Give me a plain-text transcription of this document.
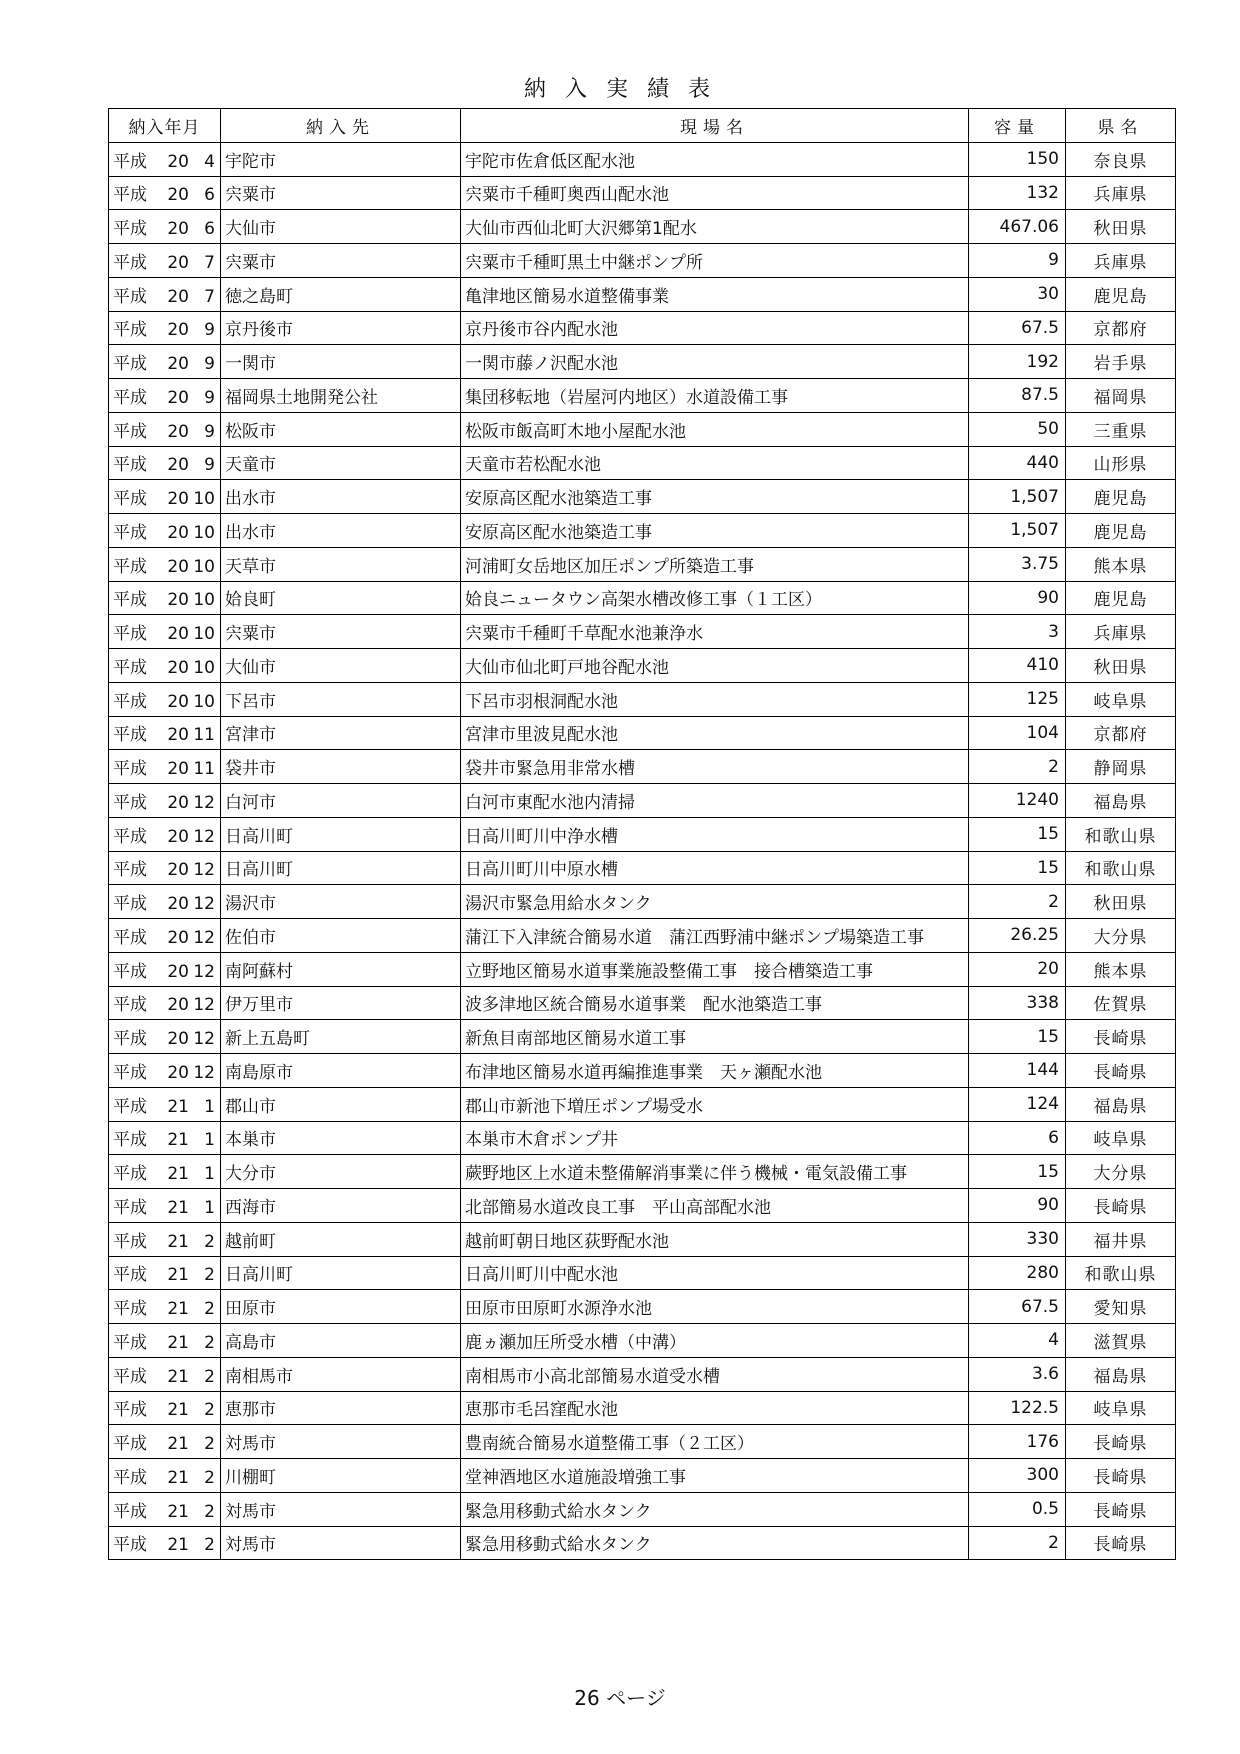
納 入 実 績 表
納入年月	納入先	現場名	容量	県名
平成 20 4	宇陀市	宇陀市佐倉低区配水池	150	奈良県
平成 20 6	宍粟市	宍粟市千種町奥西山配水池	132	兵庫県
平成 20 6	大仙市	大仙市西仙北町大沢郷第1配水	467.06	秋田県
平成 20 7	宍粟市	宍粟市千種町黒土中継ポンプ所	9	兵庫県
平成 20 7	徳之島町	亀津地区簡易水道整備事業	30	鹿児島
平成 20 9	京丹後市	京丹後市谷内配水池	67.5	京都府
平成 20 9	一関市	一関市藤ノ沢配水池	192	岩手県
平成 20 9	福岡県土地開発公社	集団移転地（岩屋河内地区）水道設備工事	87.5	福岡県
平成 20 9	松阪市	松阪市飯高町木地小屋配水池	50	三重県
平成 20 9	天童市	天童市若松配水池	440	山形県
平成 20 10	出水市	安原高区配水池築造工事	1,507	鹿児島
平成 20 10	出水市	安原高区配水池築造工事	1,507	鹿児島
平成 20 10	天草市	河浦町女岳地区加圧ポンプ所築造工事	3.75	熊本県
平成 20 10	姶良町	姶良ニュータウン高架水槽改修工事（１工区）	90	鹿児島
平成 20 10	宍粟市	宍粟市千種町千草配水池兼浄水	3	兵庫県
平成 20 10	大仙市	大仙市仙北町戸地谷配水池	410	秋田県
平成 20 10	下呂市	下呂市羽根洞配水池	125	岐阜県
平成 20 11	宮津市	宮津市里波見配水池	104	京都府
平成 20 11	袋井市	袋井市緊急用非常水槽	2	静岡県
平成 20 12	白河市	白河市東配水池内清掃	1240	福島県
平成 20 12	日高川町	日高川町川中浄水槽	15	和歌山県
平成 20 12	日高川町	日高川町川中原水槽	15	和歌山県
平成 20 12	湯沢市	湯沢市緊急用給水タンク	2	秋田県
平成 20 12	佐伯市	蒲江下入津統合簡易水道　蒲江西野浦中継ポンプ場築造工事	26.25	大分県
平成 20 12	南阿蘇村	立野地区簡易水道事業施設整備工事　接合槽築造工事	20	熊本県
平成 20 12	伊万里市	波多津地区統合簡易水道事業　配水池築造工事	338	佐賀県
平成 20 12	新上五島町	新魚目南部地区簡易水道工事	15	長崎県
平成 20 12	南島原市	布津地区簡易水道再編推進事業　天ヶ瀬配水池	144	長崎県
平成 21 1	郡山市	郡山市新池下増圧ポンプ場受水	124	福島県
平成 21 1	本巣市	本巣市木倉ポンプ井	6	岐阜県
平成 21 1	大分市	蕨野地区上水道未整備解消事業に伴う機械・電気設備工事	15	大分県
平成 21 1	西海市	北部簡易水道改良工事　平山高部配水池	90	長崎県
平成 21 2	越前町	越前町朝日地区荻野配水池	330	福井県
平成 21 2	日高川町	日高川町川中配水池	280	和歌山県
平成 21 2	田原市	田原市田原町水源浄水池	67.5	愛知県
平成 21 2	高島市	鹿ヵ瀬加圧所受水槽（中溝）	4	滋賀県
平成 21 2	南相馬市	南相馬市小高北部簡易水道受水槽	3.6	福島県
平成 21 2	恵那市	恵那市毛呂窪配水池	122.5	岐阜県
平成 21 2	対馬市	豊南統合簡易水道整備工事（２工区）	176	長崎県
平成 21 2	川棚町	堂神酒地区水道施設増強工事	300	長崎県
平成 21 2	対馬市	緊急用移動式給水タンク	0.5	長崎県
平成 21 2	対馬市	緊急用移動式給水タンク	2	長崎県
26 ページ
